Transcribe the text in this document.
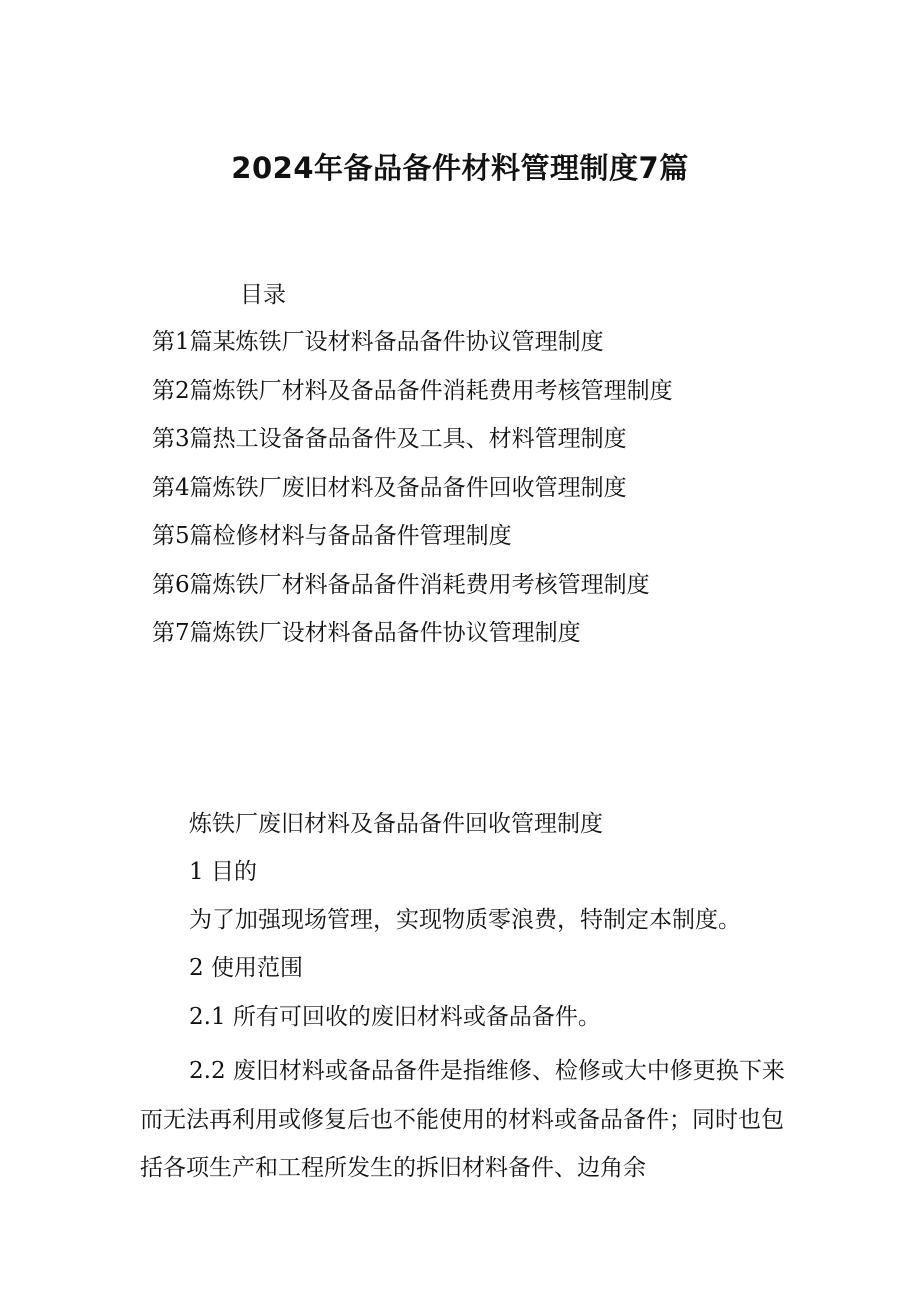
2024年备品备件材料管理制度7篇
目录
第1篇某炼铁厂设材料备品备件协议管理制度
第2篇炼铁厂材料及备品备件消耗费用考核管理制度
第3篇热工设备备品备件及工具、材料管理制度
第4篇炼铁厂废旧材料及备品备件回收管理制度
第5篇检修材料与备品备件管理制度
第6篇炼铁厂材料备品备件消耗费用考核管理制度
第7篇炼铁厂设材料备品备件协议管理制度
炼铁厂废旧材料及备品备件回收管理制度
1 目的
为了加强现场管理，实现物质零浪费，特制定本制度。
2 使用范围
2.1 所有可回收的废旧材料或备品备件。
2.2 废旧材料或备品备件是指维修、检修或大中修更换下来而无法再利用或修复后也不能使用的材料或备品备件；同时也包括各项生产和工程所发生的拆旧材料备件、边角余
